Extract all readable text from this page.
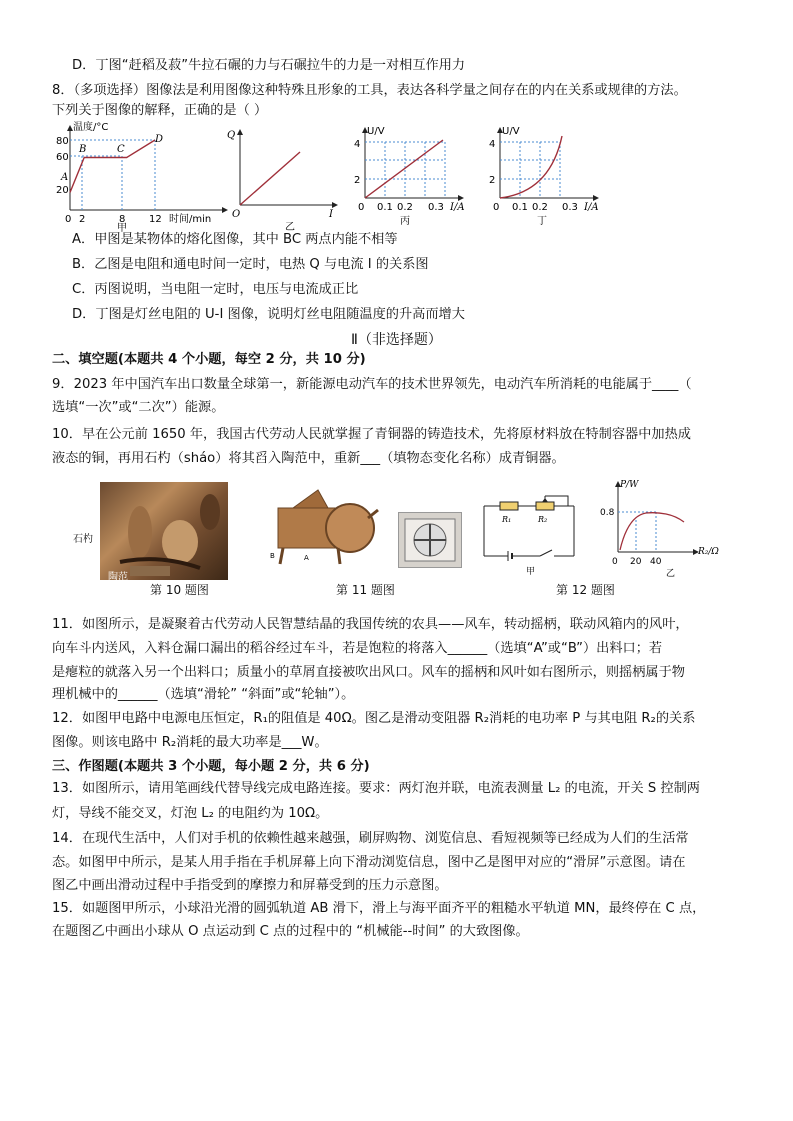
D．丁图“赶稻及菽”牛拉石碾的力与石碾拉牛的力是一对相互作用力
8．（多项选择）图像法是利用图像这种特殊且形象的工具，表达各科学量之间存在的内在关系或规律的方法。
下列关于图像的解释，正确的是（ ）
温度/°C
时间/min
60
80
20
A
B	C
D
0 2	8 12
甲
Q
I
O
乙
U/V
4
2
0 0.1 0.2 0.3 I/A
丙
U/V
4
2
0 0.1 0.2 0.3 I/A
丁
A．甲图是某物体的熔化图像，其中 BC 两点内能不相等
B．乙图是电阻和通电时间一定时，电热 Q 与电流 I 的关系图
C．丙图说明，当电阻一定时，电压与电流成正比
D．丁图是灯丝电阻的 U-I 图像，说明灯丝电阻随温度的升高而增大
Ⅱ（非选择题）
二、填空题(本题共 4 个小题，每空 2 分，共 10 分)
9．2023 年中国汽车出口数量全球第一，新能源电动汽车的技术世界领先，电动汽车所消耗的电能属于____（
选填“一次”或“二次”）能源。
10．早在公元前 1650 年，我国古代劳动人民就掌握了青铜器的铸造技术，先将原材料放在特制容器中加热成
液态的铜，再用石杓（sháo）将其舀入陶范中，重新___（填物态变化名称）成青铜器。
石杓
陶范
第 10 题图
B	A
第 11 题图
R₁	R₂
甲
P/W
0.8
0 20 40
R₂/Ω
乙
第 12 题图
11．如图所示，是凝聚着古代劳动人民智慧结晶的我国传统的农具——风车，转动摇柄，联动风箱内的风叶，
向车斗内送风，入料仓漏口漏出的稻谷经过车斗，若是饱粒的将落入______（选填“A”或“B”）出料口；若
是瘪粒的就落入另一个出料口；质量小的草屑直接被吹出风口。风车的摇柄和风叶如右图所示，则摇柄属于物
理机械中的______（选填“滑轮” “斜面”或“轮轴”）。
12．如图甲电路中电源电压恒定，R₁的阻值是 40Ω。图乙是滑动变阻器 R₂消耗的电功率 P 与其电阻 R₂的关系
图像。则该电路中 R₂消耗的最大功率是___W。
三、作图题(本题共 3 个小题，每小题 2 分，共 6 分)
13．如图所示，请用笔画线代替导线完成电路连接。要求：两灯泡并联，电流表测量 L₂ 的电流，开关 S 控制两
灯，导线不能交叉，灯泡 L₂ 的电阻约为 10Ω。
14．在现代生活中，人们对手机的依赖性越来越强，刷屏购物、浏览信息、看短视频等已经成为人们的生活常
态。如图甲中所示，是某人用手指在手机屏幕上向下滑动浏览信息，图中乙是图甲对应的“滑屏”示意图。请在
图乙中画出滑动过程中手指受到的摩擦力和屏幕受到的压力示意图。
15．如题图甲所示，小球沿光滑的圆弧轨道 AB 滑下，滑上与海平面齐平的粗糙水平轨道 MN，最终停在 C 点，
在题图乙中画出小球从 O 点运动到 C 点的过程中的 “机械能--时间” 的大致图像。
